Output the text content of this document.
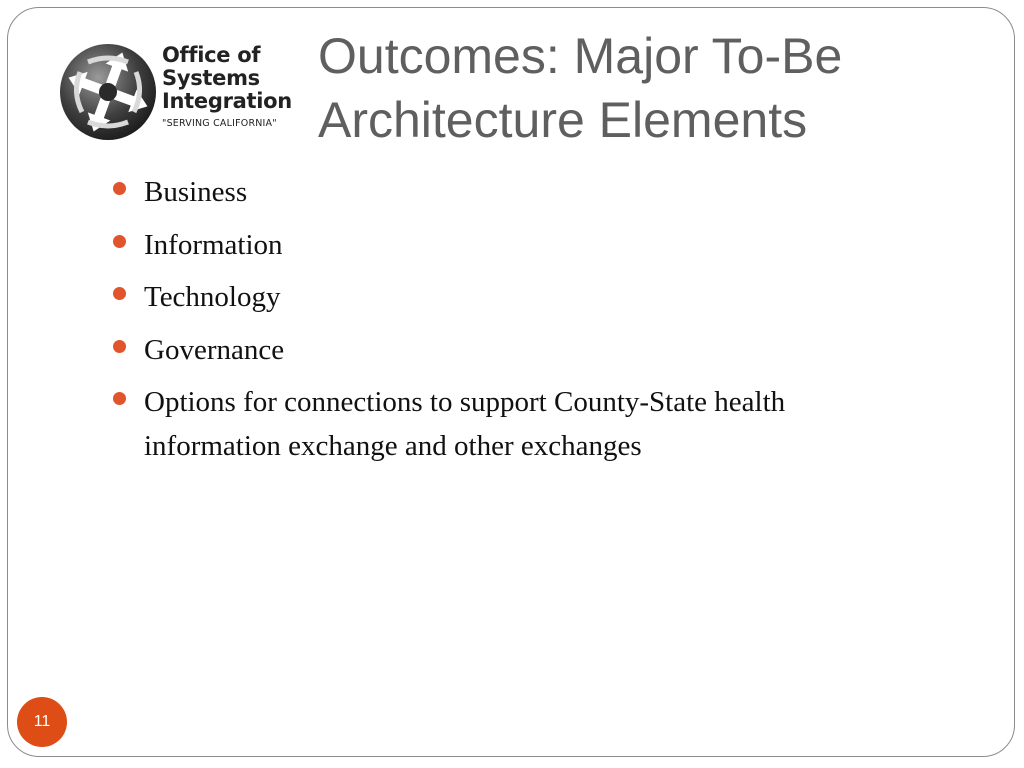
Office of
Systems
Integration
"SERVING CALIFORNIA"
Outcomes: Major To-Be
Architecture Elements
Business
Information
Technology
Governance
Options for connections to support County-State health information exchange and other exchanges
11
